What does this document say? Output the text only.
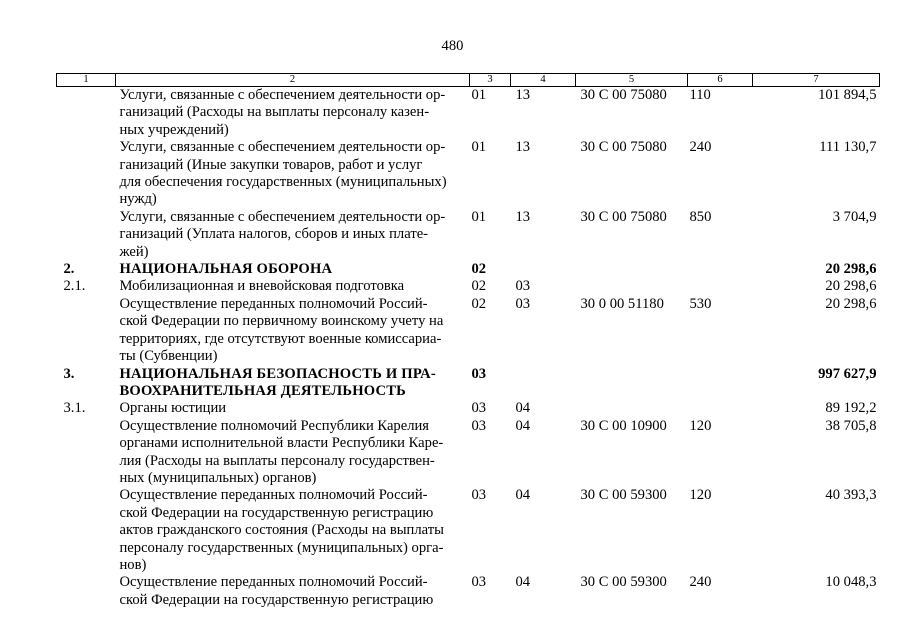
480
1	2	3	4	5	6	7

	Услуги, связанные с обеспечением деятельности ор-
ганизаций (Расходы на выплаты персоналу казен-
ных учреждений)	01	13	30 С 00 75080	110	101 894,5

	Услуги, связанные с обеспечением деятельности ор-
ганизаций (Иные закупки товаров, работ и услуг
для обеспечения государственных (муниципальных)
нужд)	01	13	30 С 00 75080	240	111 130,7

	Услуги, связанные с обеспечением деятельности ор-
ганизаций (Уплата налогов, сборов и иных плате-
жей)	01	13	30 С 00 75080	850	3 704,9
2.	НАЦИОНАЛЬНАЯ ОБОРОНА	02				20 298,6
2.1.	Мобилизационная и вневойсковая подготовка	02	03			20 298,6

	Осуществление переданных полномочий Россий-
ской Федерации по первичному воинскому учету на
территориях, где отсутствуют военные комиссариа-
ты (Субвенции)	02	03	30 0 00 51180	530	20 298,6
3.	НАЦИОНАЛЬНАЯ БЕЗОПАСНОСТЬ И ПРА-
ВООХРАНИТЕЛЬНАЯ ДЕЯТЕЛЬНОСТЬ	03				997 627,9
3.1.	Органы юстиции	03	04			89 192,2

	Осуществление полномочий Республики Карелия
органами исполнительной власти Республики Каре-
лия (Расходы на выплаты персоналу государствен-
ных (муниципальных) органов)	03	04	30 С 00 10900	120	38 705,8

	Осуществление переданных полномочий Россий-
ской Федерации на государственную регистрацию
актов гражданского состояния (Расходы на выплаты
персоналу государственных (муниципальных) орга-
нов)	03	04	30 С 00 59300	120	40 393,3

	Осуществление переданных полномочий Россий-
ской Федерации на государственную регистрацию	03	04	30 С 00 59300	240	10 048,3
